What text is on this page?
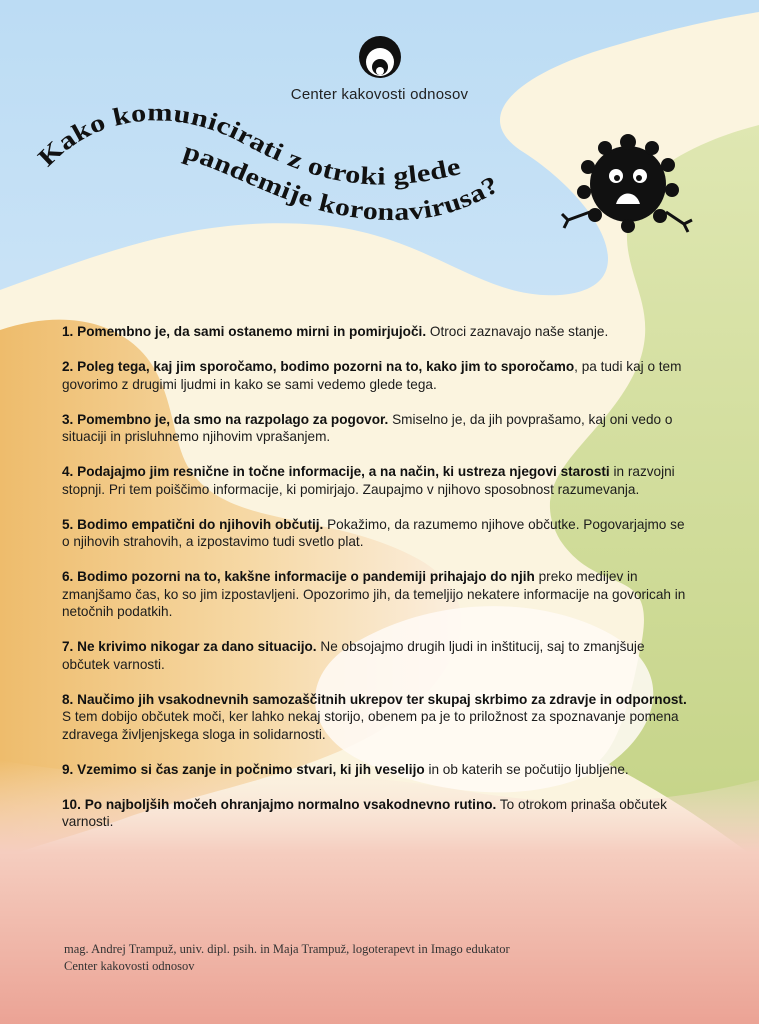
Center kakovosti odnosov
Kako komunicirati z otroki glede
pandemije koronavirusa?
1. Pomembno je, da sami ostanemo mirni in pomirjujoči. Otroci zaznavajo naše stanje.
2. Poleg tega, kaj jim sporočamo, bodimo pozorni na to, kako jim to sporočamo, pa tudi kaj o tem govorimo z drugimi ljudmi in kako se sami vedemo glede tega.
3. Pomembno je, da smo na razpolago za pogovor. Smiselno je, da jih povprašamo, kaj oni vedo o situaciji in prisluhnemo njihovim vprašanjem.
4. Podajajmo jim resnične in točne informacije, a na način, ki ustreza njegovi starosti in razvojni stopnji. Pri tem poiščimo informacije, ki pomirjajo. Zaupajmo v njihovo sposobnost razumevanja.
5. Bodimo empatični do njihovih občutij. Pokažimo, da razumemo njihove občutke. Pogovarjajmo se o njihovih strahovih, a izpostavimo tudi svetlo plat.
6. Bodimo pozorni na to, kakšne informacije o pandemiji prihajajo do njih preko medijev in zmanjšamo čas, ko so jim izpostavljeni. Opozorimo jih, da temeljijo nekatere informacije na govoricah in netočnih podatkih.
7. Ne krivimo nikogar za dano situacijo. Ne obsojajmo drugih ljudi in inštitucij, saj to zmanjšuje občutek varnosti.
8. Naučimo jih vsakodnevnih samozaščitnih ukrepov ter skupaj skrbimo za zdravje in odpornost. S tem dobijo občutek moči, ker lahko nekaj storijo, obenem pa je to priložnost za spoznavanje pomena zdravega življenjskega sloga in solidarnosti.
9. Vzemimo si čas zanje in počnimo stvari, ki jih veselijo in ob katerih se počutijo ljubljene.
10. Po najboljših močeh ohranjajmo normalno vsakodnevno rutino. To otrokom prinaša občutek varnosti.
mag. Andrej Trampuž, univ. dipl. psih. in Maja Trampuž, logoterapevt in Imago edukator
Center kakovosti odnosov
